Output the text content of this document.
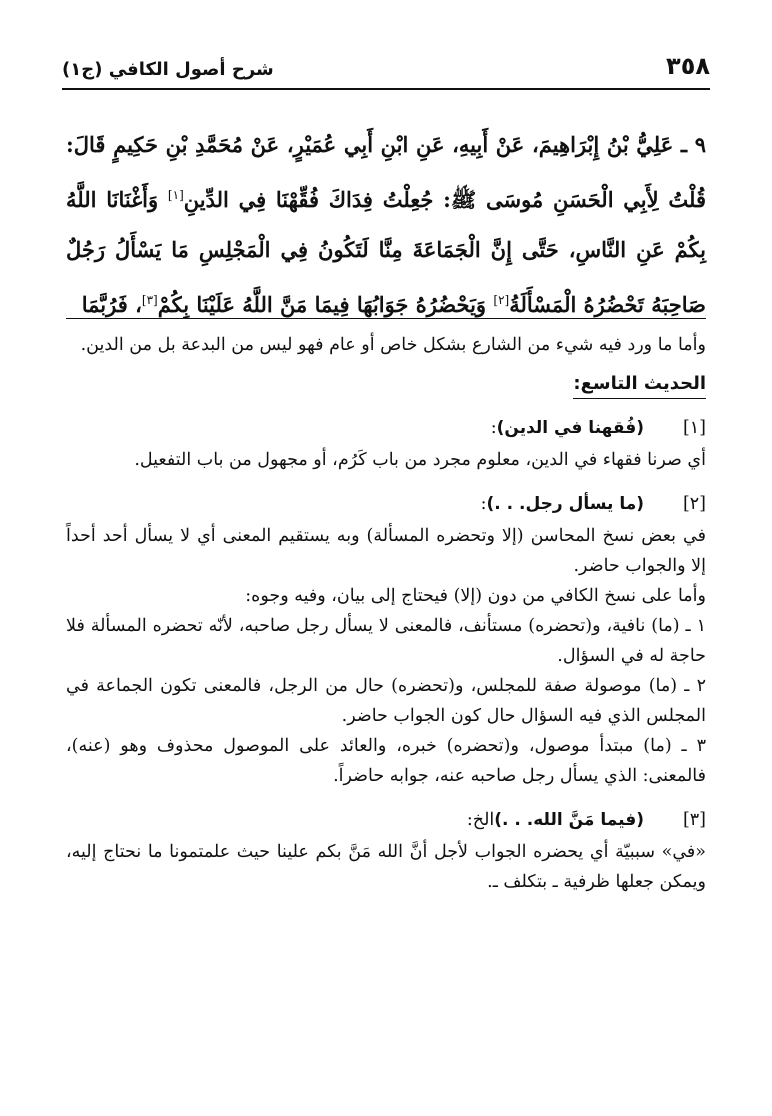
٣٥٨
شرح أصول الكافي (ج١)
٩ ـ عَلِيُّ بْنُ إِبْرَاهِيمَ، عَنْ أَبِيهِ، عَنِ ابْنِ أَبِي عُمَيْرٍ، عَنْ مُحَمَّدِ بْنِ حَكِيمٍ قَالَ: قُلْتُ لِأَبِي الْحَسَنِ مُوسَى ﷺ: جُعِلْتُ فِدَاكَ فُقِّهْنَا فِي الدِّينِ[١] وَأَغْنَانَا اللَّهُ بِكُمْ عَنِ النَّاسِ، حَتَّى إِنَّ الْجَمَاعَةَ مِنَّا لَتَكُونُ فِي الْمَجْلِسِ مَا يَسْأَلُ رَجُلٌ صَاحِبَهُ تَحْضُرُهُ الْمَسْأَلَةُ[٢] وَيَحْضُرُهُ جَوَابُهَا فِيمَا مَنَّ اللَّهُ عَلَيْنَا بِكُمْ[٣]، فَرُبَّمَا

وأما ما ورد فيه شيء من الشارع بشكل خاص أو عام فهو ليس من البدعة بل من الدين.

الحديث التاسع:
[١]
(فُقهنا في الدين)
:

أي صرنا فقهاء في الدين، معلوم مجرد من باب كَرُم، أو مجهول من باب التفعيل.

[٢]
(ما يسأل رجل. . .)
:

في بعض نسخ المحاسن (إلا وتحضره المسألة) وبه يستقيم المعنى أي لا يسأل أحد أحداً إلا والجواب حاضر.

وأما على نسخ الكافي من دون (إلا) فيحتاج إلى بيان، وفيه وجوه:

١ ـ (ما) نافية، و(تحضره) مستأنف، فالمعنى لا يسأل رجل صاحبه، لأنّه تحضره المسألة فلا حاجة له في السؤال.

٢ ـ (ما) موصولة صفة للمجلس، و(تحضره) حال من الرجل، فالمعنى تكون الجماعة في المجلس الذي فيه السؤال حال كون الجواب حاضر.

٣ ـ (ما) مبتدأ موصول، و(تحضره) خبره، والعائد على الموصول محذوف وهو (عنه)، فالمعنى: الذي يسأل رجل صاحبه عنه، جوابه حاضراً.

[٣]
(فيما مَنَّ الله. . .)
الخ:

«في» سببيّة أي يحضره الجواب لأجل أنَّ الله مَنَّ بكم علينا حيث علمتمونا ما نحتاج إليه، ويمكن جعلها ظرفية ـ بتكلف ـ.
